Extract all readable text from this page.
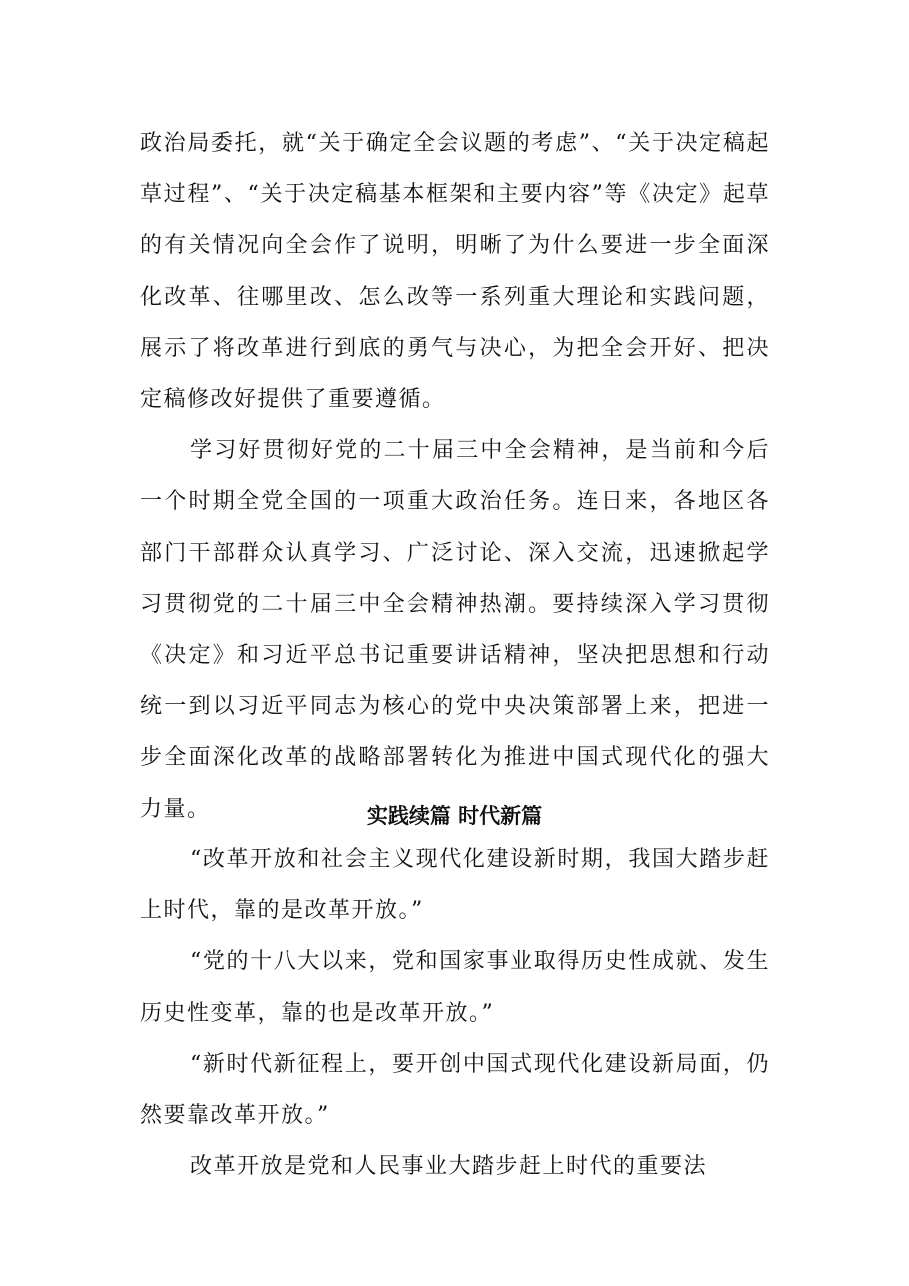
政治局委托，就“关于确定全会议题的考虑”、“关于决定稿起草过程”、“关于决定稿基本框架和主要内容”等《决定》起草的有关情况向全会作了说明，明晰了为什么要进一步全面深化改革、往哪里改、怎么改等一系列重大理论和实践问题，展示了将改革进行到底的勇气与决心，为把全会开好、把决定稿修改好提供了重要遵循。

学习好贯彻好党的二十届三中全会精神，是当前和今后一个时期全党全国的一项重大政治任务。连日来，各地区各部门干部群众认真学习、广泛讨论、深入交流，迅速掀起学习贯彻党的二十届三中全会精神热潮。要持续深入学习贯彻《决定》和习近平总书记重要讲话精神，坚决把思想和行动统一到以习近平同志为核心的党中央决策部署上来，把进一步全面深化改革的战略部署转化为推进中国式现代化的强大力量。	实践续篇 时代新篇

“改革开放和社会主义现代化建设新时期，我国大踏步赶上时代，靠的是改革开放。”

“党的十八大以来，党和国家事业取得历史性成就、发生历史性变革，靠的也是改革开放。”

“新时代新征程上，要开创中国式现代化建设新局面，仍然要靠改革开放。”

改革开放是党和人民事业大踏步赶上时代的重要法
